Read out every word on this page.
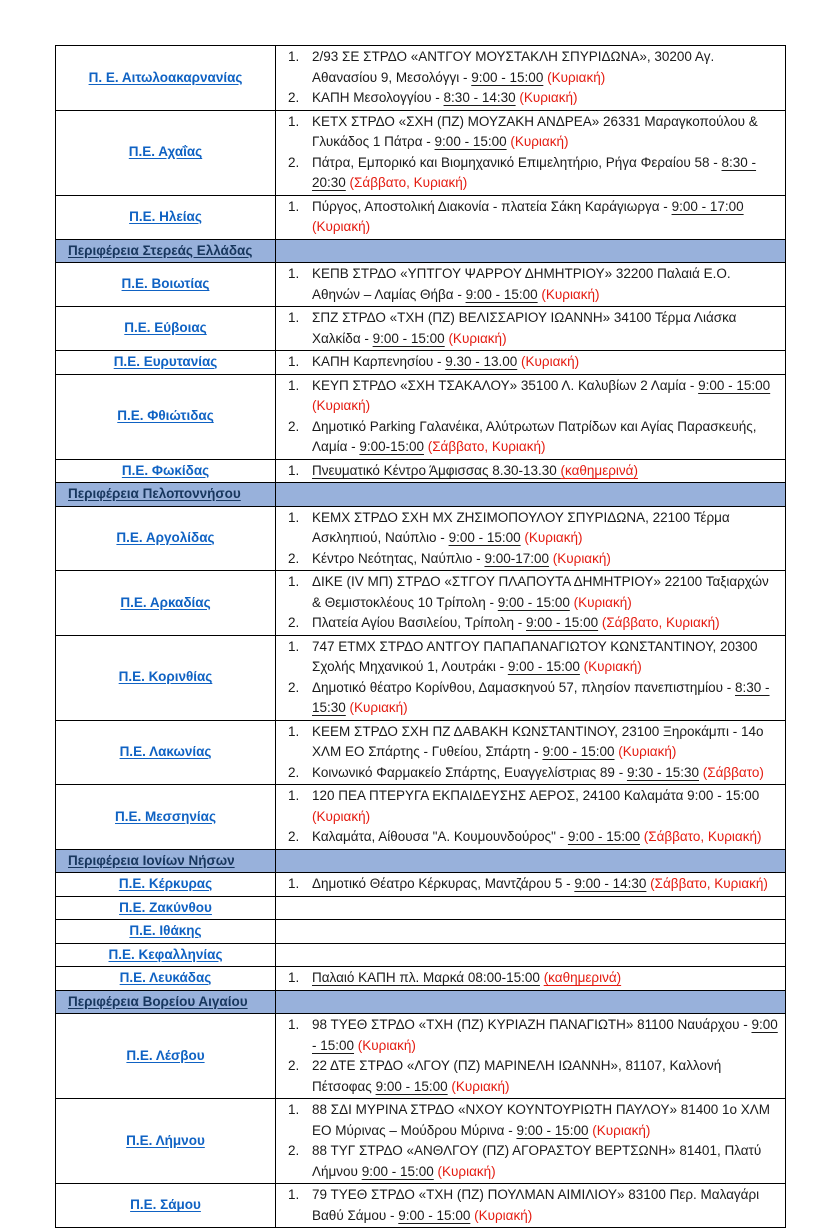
Π. Ε. Αιτωλοακαρνανίας	1. 2/93 ΣΕ ΣΤΡΔΟ «ΑΝΤΓΟΥ ΜΟΥΣΤΑΚΛΗ ΣΠΥΡΙΔΩΝΑ», 30200 Αγ. Αθανασίου 9, Μεσολόγγι - 9:00 - 15:00 (Κυριακή)
2. ΚΑΠΗ Μεσολογγίου - 8:30 - 14:30 (Κυριακή)

Π.Ε. Αχαΐας	1. ΚΕΤΧ ΣΤΡΔΟ «ΣΧΗ (ΠΖ) ΜΟΥΖΑΚΗ ΑΝΔΡΕΑ» 26331 Μαραγκοπούλου & Γλυκάδος 1 Πάτρα - 9:00 - 15:00 (Κυριακή)
2. Πάτρα, Εμπορικό και Βιομηχανικό Επιμελητήριο, Ρήγα Φεραίου 58 - 8:30 - 20:30 (Σάββατο, Κυριακή)

Π.Ε. Ηλείας	1. Πύργος, Αποστολική Διακονία - πλατεία Σάκη Καράγιωργα - 9:00 - 17:00 (Κυριακή)

Περιφέρεια Στερεάς Ελλάδας	

Π.Ε. Βοιωτίας	1. ΚΕΠΒ ΣΤΡΔΟ «ΥΠΤΓΟΥ ΨΑΡΡΟΥ ΔΗΜΗΤΡΙΟΥ» 32200 Παλαιά Ε.Ο. Αθηνών – Λαμίας Θήβα - 9:00 - 15:00 (Κυριακή)

Π.Ε. Εύβοιας	1. ΣΠΖ ΣΤΡΔΟ «ΤΧΗ (ΠΖ) ΒΕΛΙΣΣΑΡΙΟΥ ΙΩΑΝΝΗ» 34100 Τέρμα Λιάσκα Χαλκίδα - 9:00 - 15:00 (Κυριακή)

Π.Ε. Ευρυτανίας	1. ΚΑΠΗ Καρπενησίου - 9.30 - 13.00 (Κυριακή)

Π.Ε. Φθιώτιδας	1. ΚΕΥΠ ΣΤΡΔΟ «ΣΧΗ ΤΣΑΚΑΛΟΥ» 35100 Λ. Καλυβίων 2 Λαμία - 9:00 - 15:00 (Κυριακή)
2. Δημοτικό Parking Γαλανέικα, Αλύτρωτων Πατρίδων και Αγίας Παρασκευής, Λαμία - 9:00-15:00 (Σάββατο, Κυριακή)

Π.Ε. Φωκίδας	1. Πνευματικό Κέντρο Άμφισσας 8.30-13.30 (καθημερινά)

Περιφέρεια Πελοποννήσου	

Π.Ε. Αργολίδας	1. ΚΕΜΧ ΣΤΡΔΟ ΣΧΗ ΜΧ ΖΗΣΙΜΟΠΟΥΛΟΥ ΣΠΥΡΙΔΩΝΑ, 22100 Τέρμα Ασκληπιού, Ναύπλιο - 9:00 - 15:00 (Κυριακή)
2. Κέντρο Νεότητας, Ναύπλιο - 9:00-17:00 (Κυριακή)

Π.Ε. Αρκαδίας	1. ΔΙΚΕ (IV ΜΠ) ΣΤΡΔΟ «ΣΤΓΟΥ ΠΛΑΠΟΥΤΑ ΔΗΜΗΤΡΙΟΥ» 22100 Ταξιαρχών & Θεμιστοκλέους 10 Τρίπολη - 9:00 - 15:00 (Κυριακή)
2. Πλατεία Αγίου Βασιλείου, Τρίπολη - 9:00 - 15:00 (Σάββατο, Κυριακή)

Π.Ε. Κορινθίας	1. 747 ΕΤΜΧ ΣΤΡΔΟ ΑΝΤΓΟΥ ΠΑΠΑΠΑΝΑΓΙΩΤΟΥ ΚΩΝΣΤΑΝΤΙΝΟΥ, 20300 Σχολής Μηχανικού 1, Λουτράκι - 9:00 - 15:00 (Κυριακή)
2. Δημοτικό θέατρο Κορίνθου, Δαμασκηνού 57, πλησίον πανεπιστημίου - 8:30 - 15:30 (Κυριακή)

Π.Ε. Λακωνίας	1. ΚΕΕΜ ΣΤΡΔΟ ΣΧΗ ΠΖ ΔΑΒΑΚΗ ΚΩΝΣΤΑΝΤΙΝΟΥ, 23100 Ξηροκάμπι - 14ο ΧΛΜ ΕΟ Σπάρτης - Γυθείου, Σπάρτη - 9:00 - 15:00 (Κυριακή)
2. Κοινωνικό Φαρμακείο Σπάρτης, Ευαγγελίστριας 89 - 9:30 - 15:30 (Σάββατο)

Π.Ε. Μεσσηνίας	1. 120 ΠΕΑ ΠΤΕΡΥΓΑ ΕΚΠΑΙΔΕΥΣΗΣ ΑΕΡΟΣ, 24100 Καλαμάτα 9:00 - 15:00 (Κυριακή)
2. Καλαμάτα, Αίθουσα "Α. Κουμουνδούρος" - 9:00 - 15:00 (Σάββατο, Κυριακή)

Περιφέρεια Ιονίων Νήσων	

Π.Ε. Κέρκυρας	1. Δημοτικό Θέατρο Κέρκυρας, Μαντζάρου 5 - 9:00 - 14:30 (Σάββατο, Κυριακή)

Π.Ε. Ζακύνθου	
Π.Ε. Ιθάκης	
Π.Ε. Κεφαλληνίας	
Π.Ε. Λευκάδας	1. Παλαιό ΚΑΠΗ πλ. Μαρκά 08:00-15:00 (καθημερινά)

Περιφέρεια Βορείου Αιγαίου	

Π.Ε. Λέσβου	1. 98 ΤΥΕΘ ΣΤΡΔΟ «ΤΧΗ (ΠΖ) ΚΥΡΙΑΖΗ ΠΑΝΑΓΙΩΤΗ» 81100 Ναυάρχου - 9:00 - 15:00 (Κυριακή)
2. 22 ΔΤΕ ΣΤΡΔΟ «ΛΓΟΥ (ΠΖ) ΜΑΡΙΝΕΛΗ ΙΩΑΝΝΗ», 81107, Καλλονή Πέτσοφας 9:00 - 15:00 (Κυριακή)

Π.Ε. Λήμνου	1. 88 ΣΔΙ ΜΥΡΙΝΑ ΣΤΡΔΟ «ΝΧΟΥ ΚΟΥΝΤΟΥΡΙΩΤΗ ΠΑΥΛΟΥ» 81400 1ο ΧΛΜ ΕΟ Μύρινας – Μούδρου Μύρινα - 9:00 - 15:00 (Κυριακή)
2. 88 ΤΥΓ ΣΤΡΔΟ «ΑΝΘΛΓΟΥ (ΠΖ) ΑΓΟΡΑΣΤΟΥ ΒΕΡΤΣΩΝΗ» 81401, Πλατύ Λήμνου 9:00 - 15:00 (Κυριακή)

Π.Ε. Σάμου	1. 79 ΤΥΕΘ ΣΤΡΔΟ «ΤΧΗ (ΠΖ) ΠΟΥΛΜΑΝ ΑΙΜΙΛΙΟΥ» 83100 Περ. Μαλαγάρι Βαθύ Σάμου - 9:00 - 15:00 (Κυριακή)
